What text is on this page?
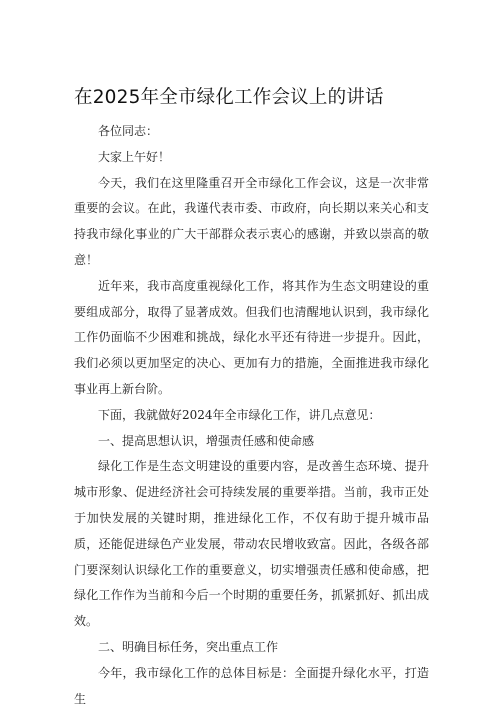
在2025年全市绿化工作会议上的讲话

各位同志：

大家上午好！

今天，我们在这里隆重召开全市绿化工作会议，这是一次非常重要的会议。在此，我谨代表市委、市政府，向长期以来关心和支持我市绿化事业的广大干部群众表示衷心的感谢，并致以崇高的敬意！

近年来，我市高度重视绿化工作，将其作为生态文明建设的重要组成部分，取得了显著成效。但我们也清醒地认识到，我市绿化工作仍面临不少困难和挑战，绿化水平还有待进一步提升。因此，我们必须以更加坚定的决心、更加有力的措施，全面推进我市绿化事业再上新台阶。

下面，我就做好2024年全市绿化工作，讲几点意见：

一、提高思想认识，增强责任感和使命感

绿化工作是生态文明建设的重要内容，是改善生态环境、提升城市形象、促进经济社会可持续发展的重要举措。当前，我市正处于加快发展的关键时期，推进绿化工作，不仅有助于提升城市品质，还能促进绿色产业发展，带动农民增收致富。因此，各级各部门要深刻认识绿化工作的重要意义，切实增强责任感和使命感，把绿化工作作为当前和今后一个时期的重要任务，抓紧抓好、抓出成效。

二、明确目标任务，突出重点工作

今年，我市绿化工作的总体目标是：全面提升绿化水平，打造生
